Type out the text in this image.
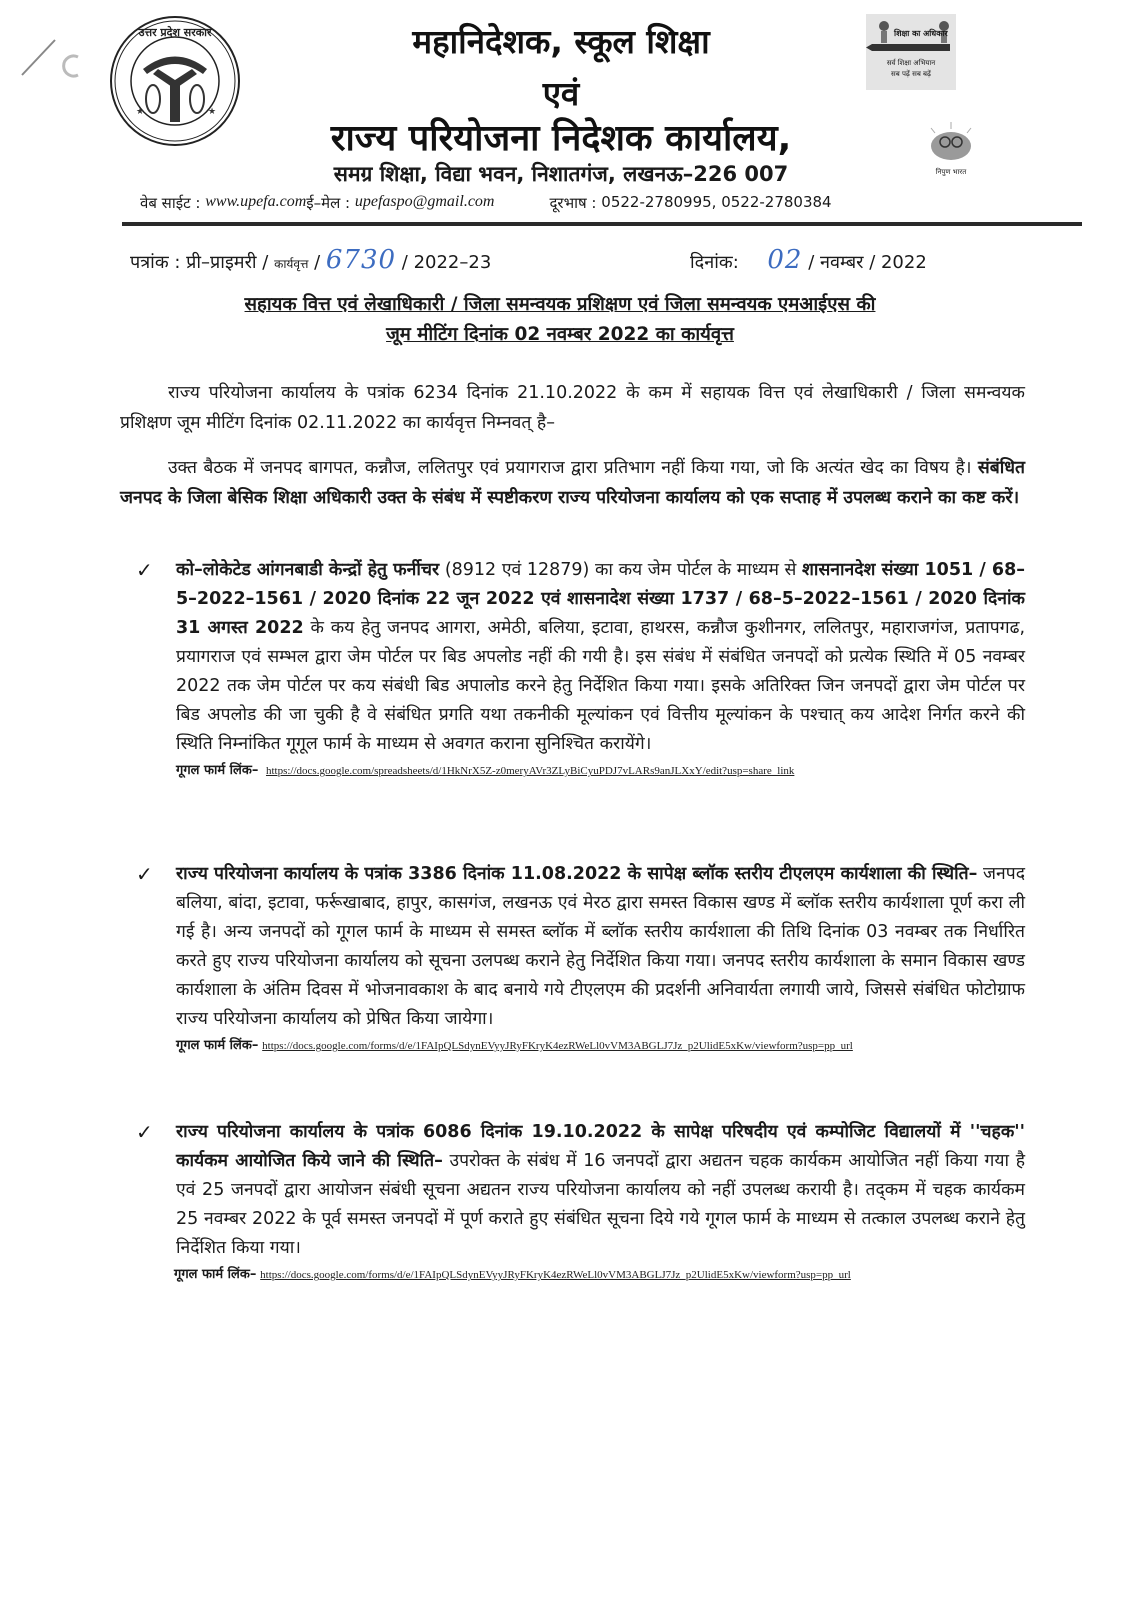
★	★
उत्तर प्रदेश सरकार	महानिदेशक, स्कूल शिक्षा
एवं
राज्य परियोजना निदेशक कार्यालय,
समग्र शिक्षा, विद्या भवन, निशातगंज, लखनऊ–226 007
वेब साईट :
www.upefa.com ई–मेल :
upefaspo@gmail.com	दूरभाष :
0522-2780995, 0522-2780384
शिक्षा का अधिकार
सर्व शिक्षा अभियान
सब पढ़ें सब बढ़ें
निपुण भारत
पत्रांक : प्री–प्राइमरी /
कार्यवृत्त / 6730
/ 2022–23	दिनांक:
02
/ नवम्बर / 2022
सहायक वित्त एवं लेखाधिकारी / जिला समन्वयक प्रशिक्षण एवं जिला समन्वयक एमआईएस की
जूम मीटिंग दिनांक 02 नवम्बर 2022 का कार्यवृत्त
राज्य परियोजना कार्यालय के पत्रांक 6234 दिनांक 21.10.2022 के कम में सहायक वित्त एवं लेखाधिकारी / जिला समन्वयक प्रशिक्षण जूम मीटिंग दिनांक 02.11.2022 का कार्यवृत्त निम्नवत् है–
उक्त बैठक में जनपद बागपत, कन्नौज, ललितपुर एवं प्रयागराज द्वारा प्रतिभाग नहीं किया गया, जो कि अत्यंत खेद का विषय है। संबंधित जनपद के जिला बेसिक शिक्षा अधिकारी उक्त के संबंध में स्पष्टीकरण राज्य परियोजना कार्यालय को एक सप्ताह में उपलब्ध कराने का कष्ट करें।
✓	को–लोकेटेड आंगनबाडी केन्द्रों हेतु फर्नीचर (8912 एवं 12879) का कय जेम पोर्टल के माध्यम से शासनानदेश संख्या 1051 / 68–5–2022–1561 / 2020 दिनांक 22 जून 2022 एवं शासनादेश संख्या 1737 / 68–5–2022–1561 / 2020 दिनांक 31 अगस्त 2022 के कय हेतु जनपद आगरा, अमेठी, बलिया, इटावा, हाथरस, कन्नौज कुशीनगर, ललितपुर, महाराजगंज, प्रतापगढ, प्रयागराज एवं सम्भल द्वारा जेम पोर्टल पर बिड अपलोड नहीं की गयी है। इस संबंध में संबंधित जनपदों को प्रत्येक स्थिति में 05 नवम्बर 2022 तक जेम पोर्टल पर कय संबंधी बिड अपालोड करने हेतु निर्देशित किया गया। इसके अतिरिक्त जिन जनपदों द्वारा जेम पोर्टल पर बिड अपलोड की जा चुकी है वे संबंधित प्रगति यथा तकनीकी मूल्यांकन एवं वित्तीय मूल्यांकन के पश्चात् कय आदेश निर्गत करने की स्थिति निम्नांकित गूगूल फार्म के माध्यम से अवगत कराना सुनिश्चित करायेंगे।
गूगल फार्म लिंक– https://docs.google.com/spreadsheets/d/1HkNrX5Z-z0meryAVr3ZLyBiCyuPDJ7vLARs9anJLXxY/edit?usp=share_link
✓	राज्य परियोजना कार्यालय के पत्रांक 3386 दिनांक 11.08.2022 के सापेक्ष ब्लॉक स्तरीय टीएलएम कार्यशाला की स्थिति– जनपद बलिया, बांदा, इटावा, फर्रूखाबाद, हापुर, कासगंज, लखनऊ एवं मेरठ द्वारा समस्त विकास खण्ड में ब्लॉक स्तरीय कार्यशाला पूर्ण करा ली गई है। अन्य जनपदों को गूगल फार्म के माध्यम से समस्त ब्लॉक में ब्लॉक स्तरीय कार्यशाला की तिथि दिनांक 03 नवम्बर तक निर्धारित करते हुए राज्य परियोजना कार्यालय को सूचना उलपब्ध कराने हेतु निर्देशित किया गया। जनपद स्तरीय कार्यशाला के समान विकास खण्ड कार्यशाला के अंतिम दिवस में भोजनावकाश के बाद बनाये गये टीएलएम की प्रदर्शनी अनिवार्यता लगायी जाये, जिससे संबंधित फोटोग्राफ राज्य परियोजना कार्यालय को प्रेषित किया जायेगा।
गूगल फार्म लिंक– https://docs.google.com/forms/d/e/1FAIpQLSdynEVyyJRyFKryK4ezRWeLl0vVM3ABGLJ7Jz_p2UlidE5xKw/viewform?usp=pp_url
✓	राज्य परियोजना कार्यालय के पत्रांक 6086 दिनांक 19.10.2022 के सापेक्ष परिषदीय एवं कम्पोजिट विद्यालयों में ''चहक'' कार्यकम आयोजित किये जाने की स्थिति– उपरोक्त के संबंध में 16 जनपदों द्वारा अद्यतन चहक कार्यकम आयोजित नहीं किया गया है एवं 25 जनपदों द्वारा आयोजन संबंधी सूचना अद्यतन राज्य परियोजना कार्यालय को नहीं उपलब्ध करायी है। तद्कम में चहक कार्यकम 25 नवम्बर 2022 के पूर्व समस्त जनपदों में पूर्ण कराते हुए संबंधित सूचना दिये गये गूगल फार्म के माध्यम से तत्काल उपलब्ध कराने हेतु निर्देशित किया गया।
गूगल फार्म लिंक– https://docs.google.com/forms/d/e/1FAIpQLSdynEVyyJRyFKryK4ezRWeLl0vVM3ABGLJ7Jz_p2UlidE5xKw/viewform?usp=pp_url
